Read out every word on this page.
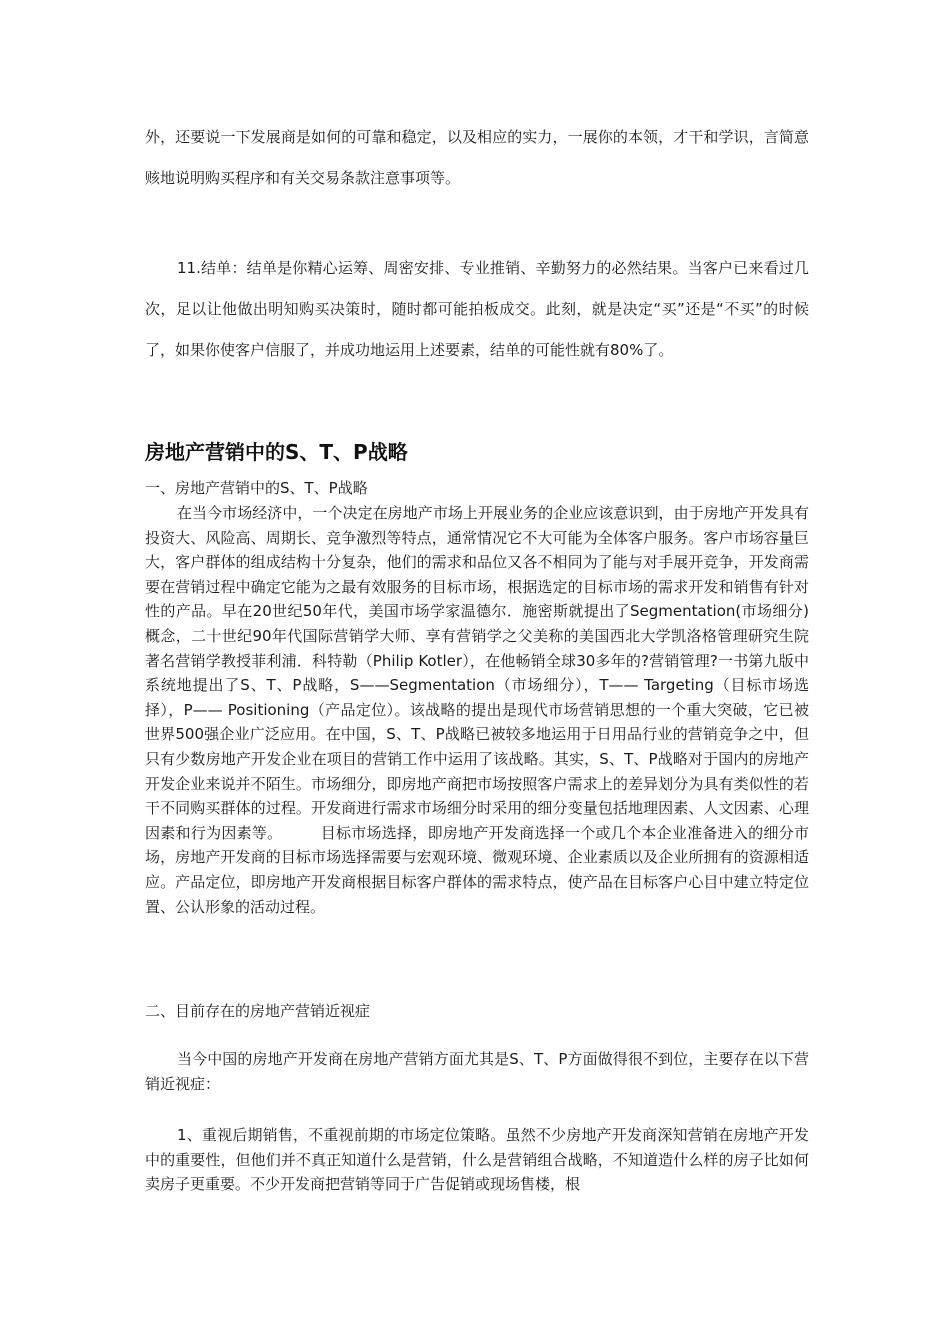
外，还要说一下发展商是如何的可靠和稳定，以及相应的实力，一展你的本领，才干和学识，言简意赅地说明购买程序和有关交易条款注意事项等。

11.结单：结单是你精心运筹、周密安排、专业推销、辛勤努力的必然结果。当客户已来看过几次，足以让他做出明知购买决策时，随时都可能拍板成交。此刻，就是决定“买”还是“不买”的时候了，如果你使客户信服了，并成功地运用上述要素，结单的可能性就有80%了。

房地产营销中的S、T、P战略

一、房地产营销中的S、T、P战略

在当今市场经济中，一个决定在房地产市场上开展业务的企业应该意识到，由于房地产开发具有投资大、风险高、周期长、竞争激烈等特点，通常情况它不大可能为全体客户服务。客户市场容量巨大，客户群体的组成结构十分复杂，他们的需求和品位又各不相同为了能与对手展开竞争，开发商需要在营销过程中确定它能为之最有效服务的目标市场，根据选定的目标市场的需求开发和销售有针对性的产品。早在20世纪50年代，美国市场学家温德尔．施密斯就提出了Segmentation(市场细分)概念，二十世纪90年代国际营销学大师、享有营销学之父美称的美国西北大学凯洛格管理研究生院著名营销学教授菲利浦．科特勒（Philip Kotler），在他畅销全球30多年的?营销管理?一书第九版中系统地提出了S、T、P战略，S——Segmentation（市场细分），T—— Targeting（目标市场选择），P—— Positioning（产品定位）。该战略的提出是现代市场营销思想的一个重大突破，它已被世界500强企业广泛应用。在中国，S、T、P战略已被较多地运用于日用品行业的营销竞争之中，但只有少数房地产开发企业在项目的营销工作中运用了该战略。其实，S、T、P战略对于国内的房地产开发企业来说并不陌生。市场细分，即房地产商把市场按照客户需求上的差异划分为具有类似性的若干不同购买群体的过程。开发商进行需求市场细分时采用的细分变量包括地理因素、人文因素、心理因素和行为因素等。　　　目标市场选择，即房地产开发商选择一个或几个本企业准备进入的细分市场，房地产开发商的目标市场选择需要与宏观环境、微观环境、企业素质以及企业所拥有的资源相适应。产品定位，即房地产开发商根据目标客户群体的需求特点，使产品在目标客户心目中建立特定位置、公认形象的活动过程。

二、目前存在的房地产营销近视症

当今中国的房地产开发商在房地产营销方面尤其是S、T、P方面做得很不到位，主要存在以下营销近视症：

1、重视后期销售，不重视前期的市场定位策略。虽然不少房地产开发商深知营销在房地产开发中的重要性，但他们并不真正知道什么是营销，什么是营销组合战略，不知道造什么样的房子比如何卖房子更重要。不少开发商把营销等同于广告促销或现场售楼，根
